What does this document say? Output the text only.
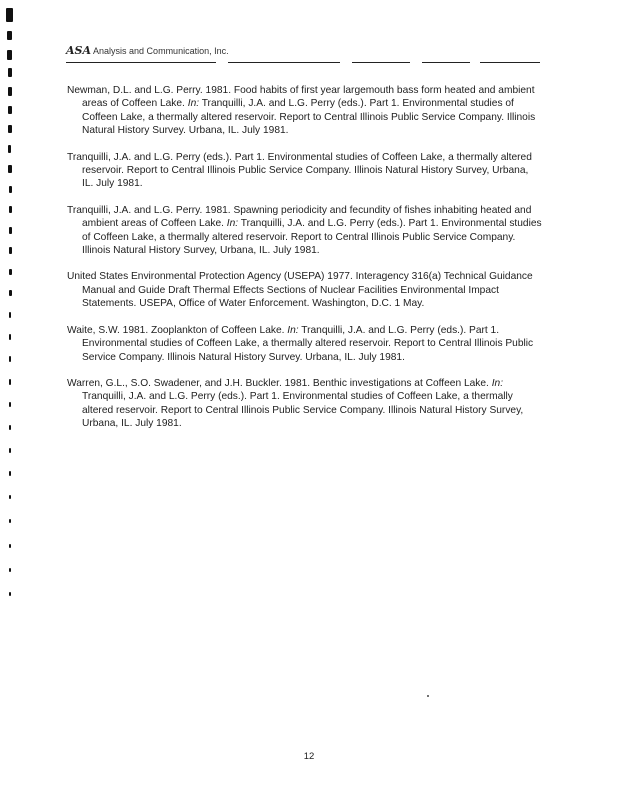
ASA Analysis and Communication, Inc.

Newman, D.L. and L.G. Perry. 1981. Food habits of first year largemouth bass form heated and ambient areas of Coffeen Lake. In: Tranquilli, J.A. and L.G. Perry (eds.). Part 1. Environmental studies of Coffeen Lake, a thermally altered reservoir. Report to Central Illinois Public Service Company. Illinois Natural History Survey. Urbana, IL. July 1981.

Tranquilli, J.A. and L.G. Perry (eds.). Part 1. Environmental studies of Coffeen Lake, a thermally altered reservoir. Report to Central Illinois Public Service Company. Illinois Natural History Survey, Urbana, IL. July 1981.

Tranquilli, J.A. and L.G. Perry. 1981. Spawning periodicity and fecundity of fishes inhabiting heated and ambient areas of Coffeen Lake. In: Tranquilli, J.A. and L.G. Perry (eds.). Part 1. Environmental studies of Coffeen Lake, a thermally altered reservoir. Report to Central Illinois Public Service Company. Illinois Natural History Survey, Urbana, IL. July 1981.

United States Environmental Protection Agency (USEPA) 1977. Interagency 316(a) Technical Guidance Manual and Guide Draft Thermal Effects Sections of Nuclear Facilities Environmental Impact Statements. USEPA, Office of Water Enforcement. Washington, D.C. 1 May.

Waite, S.W. 1981. Zooplankton of Coffeen Lake. In: Tranquilli, J.A. and L.G. Perry (eds.). Part 1. Environmental studies of Coffeen Lake, a thermally altered reservoir. Report to Central Illinois Public Service Company. Illinois Natural History Survey. Urbana, IL. July 1981.

Warren, G.L., S.O. Swadener, and J.H. Buckler. 1981. Benthic investigations at Coffeen Lake. In: Tranquilli, J.A. and L.G. Perry (eds.). Part 1. Environmental studies of Coffeen Lake, a thermally altered reservoir. Report to Central Illinois Public Service Company. Illinois Natural History Survey, Urbana, IL. July 1981.

12
